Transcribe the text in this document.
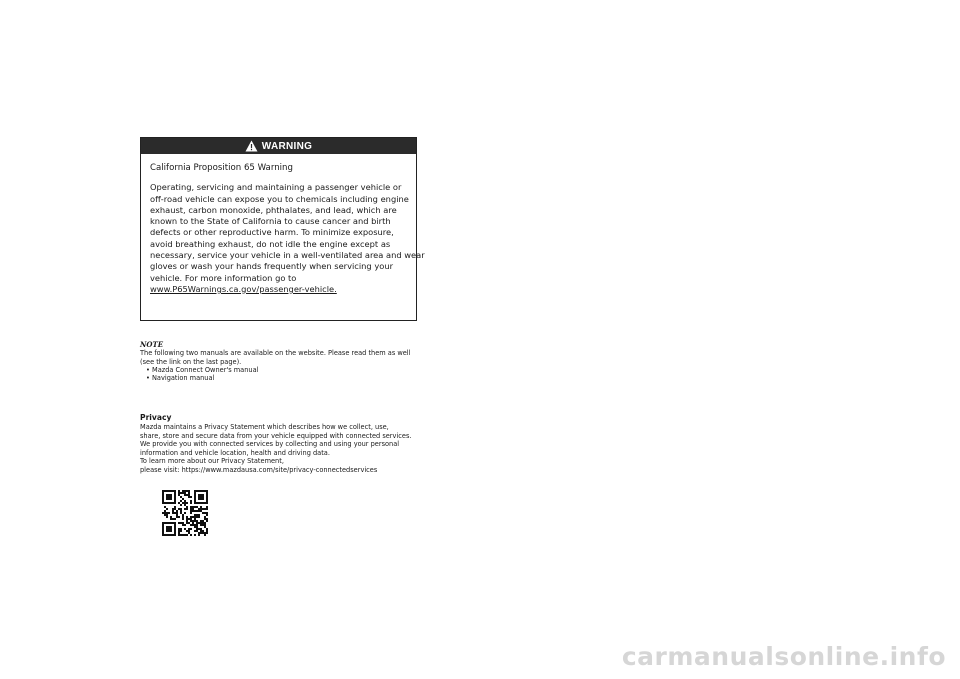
WARNING

California Proposition 65 Warning

Operating, servicing and maintaining a passenger vehicle or
off-road vehicle can expose you to chemicals including engine
exhaust, carbon monoxide, phthalates, and lead, which are
known to the State of California to cause cancer and birth
defects or other reproductive harm. To minimize exposure,
avoid breathing exhaust, do not idle the engine except as
necessary, service your vehicle in a well-ventilated area and wear
gloves or wash your hands frequently when servicing your
vehicle. For more information go to
www.P65Warnings.ca.gov/passenger-vehicle.

NOTE
The following two manuals are available on the website. Please read them as well
(see the link on the last page).
• Mazda Connect Owner's manual
• Navigation manual
Privacy
Mazda maintains a Privacy Statement which describes how we collect, use,
share, store and secure data from your vehicle equipped with connected services.
We provide you with connected services by collecting and using your personal
information and vehicle location, health and driving data.
To learn more about our Privacy Statement,
please visit: https://www.mazdausa.com/site/privacy-connectedservices
carmanualsonline.info
